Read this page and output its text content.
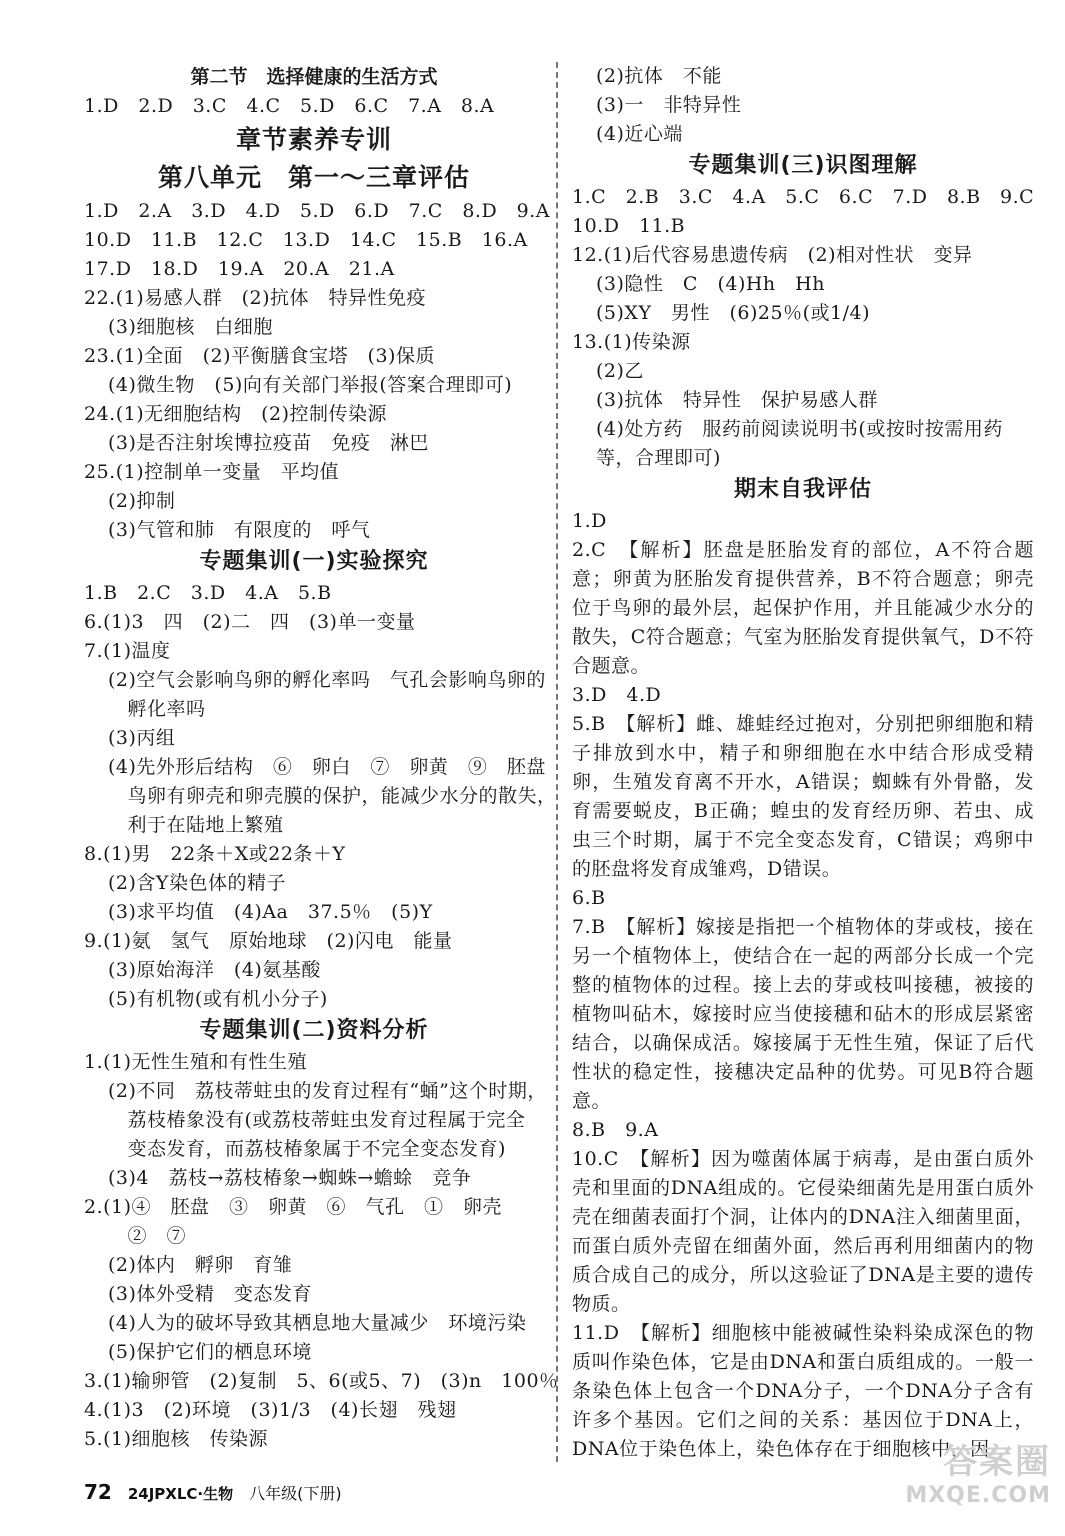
第二节　选择健康的生活方式
1.D　2.D　3.C　4.C　5.D　6.C　7.A　8.A
章节素养专训
第八单元　第一～三章评估
1.D　2.A　3.D　4.D　5.D　6.D　7.C　8.D　9.A
10.D　11.B　12.C　13.D　14.C　15.B　16.A
17.D　18.D　19.A　20.A　21.A
22.(1)易感人群　(2)抗体　特异性免疫
(3)细胞核　白细胞
23.(1)全面　(2)平衡膳食宝塔　(3)保质
(4)微生物　(5)向有关部门举报(答案合理即可)
24.(1)无细胞结构　(2)控制传染源
(3)是否注射埃博拉疫苗　免疫　淋巴
25.(1)控制单一变量　平均值
(2)抑制
(3)气管和肺　有限度的　呼气
专题集训(一)实验探究
1.B　2.C　3.D　4.A　5.B
6.(1)3　四　(2)二　四　(3)单一变量
7.(1)温度
(2)空气会影响鸟卵的孵化率吗　气孔会影响鸟卵的
　孵化率吗
(3)丙组
(4)先外形后结构　⑥　卵白　⑦　卵黄　⑨　胚盘
　鸟卵有卵壳和卵壳膜的保护，能减少水分的散失，
　利于在陆地上繁殖
8.(1)男　22条＋X或22条＋Y
(2)含Y染色体的精子
(3)求平均值　(4)Aa　37.5％　(5)Y
9.(1)氨　氢气　原始地球　(2)闪电　能量
(3)原始海洋　(4)氨基酸
(5)有机物(或有机小分子)
专题集训(二)资料分析
1.(1)无性生殖和有性生殖
(2)不同　荔枝蒂蛀虫的发育过程有“蛹”这个时期，
　荔枝椿象没有(或荔枝蒂蛀虫发育过程属于完全
　变态发育，而荔枝椿象属于不完全变态发育)
(3)4　荔枝→荔枝椿象→蜘蛛→蟾蜍　竞争
2.(1)④　胚盘　③　卵黄　⑥　气孔　①　卵壳
　②　⑦
(2)体内　孵卵　育雏
(3)体外受精　变态发育
(4)人为的破坏导致其栖息地大量减少　环境污染
(5)保护它们的栖息环境
3.(1)输卵管　(2)复制　5、6(或5、7)　(3)n　100％
4.(1)3　(2)环境　(3)1/3　(4)长翅　残翅
5.(1)细胞核　传染源
(2)抗体　不能
(3)一　非特异性
(4)近心端
专题集训(三)识图理解
1.C　2.B　3.C　4.A　5.C　6.C　7.D　8.B　9.C
10.D　11.B
12.(1)后代容易患遗传病　(2)相对性状　变异
(3)隐性　C　(4)Hh　Hh
(5)XY　男性　(6)25％(或1/4)
13.(1)传染源
(2)乙
(3)抗体　特异性　保护易感人群
(4)处方药　服药前阅读说明书(或按时按需用药
等，合理即可)
期末自我评估
1.D
2.C　【解析】胚盘是胚胎发育的部位，A不符合题意；卵黄为胚胎发育提供营养，B不符合题意；卵壳位于鸟卵的最外层，起保护作用，并且能减少水分的散失，C符合题意；气室为胚胎发育提供氧气，D不符合题意。
3.D　4.D
5.B　【解析】雌、雄蛙经过抱对，分别把卵细胞和精子排放到水中，精子和卵细胞在水中结合形成受精卵，生殖发育离不开水，A错误；蜘蛛有外骨骼，发育需要蜕皮，B正确；蝗虫的发育经历卵、若虫、成虫三个时期，属于不完全变态发育，C错误；鸡卵中的胚盘将发育成雏鸡，D错误。
6.B
7.B　【解析】嫁接是指把一个植物体的芽或枝，接在另一个植物体上，使结合在一起的两部分长成一个完整的植物体的过程。接上去的芽或枝叫接穗，被接的植物叫砧木，嫁接时应当使接穗和砧木的形成层紧密结合，以确保成活。嫁接属于无性生殖，保证了后代性状的稳定性，接穗决定品种的优势。可见B符合题意。
8.B　9.A
10.C　【解析】因为噬菌体属于病毒，是由蛋白质外壳和里面的DNA组成的。它侵染细菌先是用蛋白质外壳在细菌表面打个洞，让体内的DNA注入细菌里面，而蛋白质外壳留在细菌外面，然后再利用细菌内的物质合成自己的成分，所以这验证了DNA是主要的遗传物质。
11.D　【解析】细胞核中能被碱性染料染成深色的物质叫作染色体，它是由DNA和蛋白质组成的。一般一条染色体上包含一个DNA分子，一个DNA分子含有许多个基因。它们之间的关系：基因位于DNA上，DNA位于染色体上，染色体存在于细胞核中，因
72 24JPXLC·生物 八年级(下册)
答案圈
MXQE.COM
